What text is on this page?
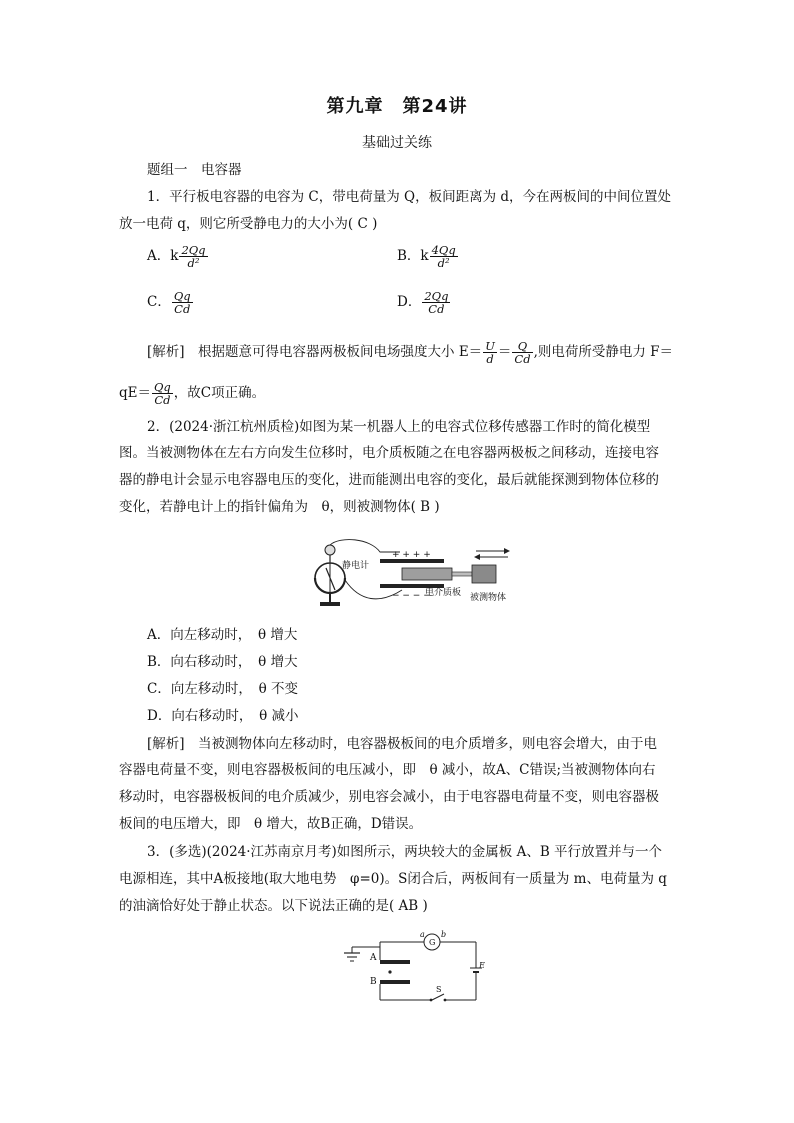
第九章　第24讲
基础过关练
题组一　电容器
1．平行板电容器的电容为 C，带电荷量为 Q，板间距离为 d，今在两板间的中间位置处
放一电荷 q，则它所受静电力的大小为( C )
A．k $\frac{2Qq}{\text{d²}}$	B．k $\frac{4Qq}{\text{d²}}$
C． $\frac{Qq}{Cd}$	D． $\frac{2Qq}{Cd}$
[解析]　根据题意可得电容器两极板间电场强度大小 $E= \frac{U}{d} = \frac{Q}{Cd}$ ,则电荷所受静电力 F＝
$qE= \frac{Qq}{Cd}$ ，故C项正确。
2．(2024·浙江杭州质检)如图为某一机器人上的电容式位移传感器工作时的简化模型
图。当被测物体在左右方向发生位移时，电介质板随之在电容器两极板之间移动，连接电容
器的静电计会显示电容器电压的变化，进而能测出电容的变化，最后就能探测到物体位移的
变化，若静电计上的指针偏角为　θ，则被测物体( B )
静电计
+ + + +
− − − −
电介质板 被测物体
A．向左移动时，　θ 增大
B．向右移动时，　θ 增大
C．向左移动时，　θ 不变
D．向右移动时，　θ 减小
[解析]　当被测物体向左移动时，电容器极板间的电介质增多，则电容会增大，由于电
容器电荷量不变，则电容器极板间的电压减小，即　θ 减小，故A、C错误;当被测物体向右
移动时，电容器极板间的电介质减少，别电容会减小，由于电容器电荷量不变，则电容器极
板间的电压增大，即　θ 增大，故B正确，D错误。
3．(多选)(2024·江苏南京月考)如图所示，两块较大的金属板 A、B 平行放置并与一个
电源相连，其中A板接地(取大地电势　φ=0)。S闭合后，两板间有一质量为 m、电荷量为 q
的油滴恰好处于静止状态。以下说法正确的是( AB )
A
B
G
a b
E
S
